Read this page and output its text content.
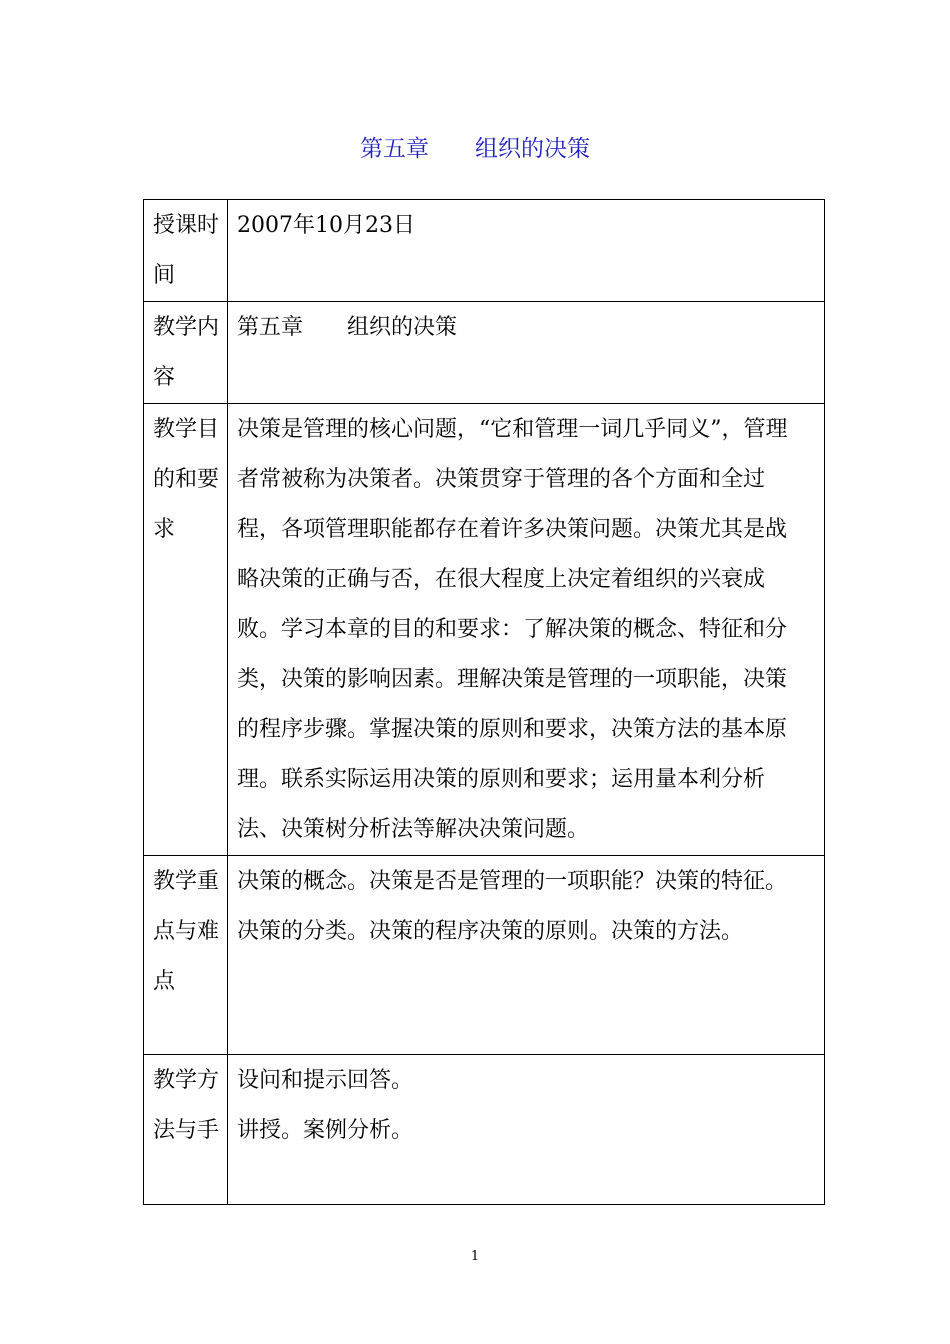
第五章　　组织的决策
授课时间	2007年10月23日

教学内容	第五章　　组织的决策

教学目的和要求	决策是管理的核心问题，“它和管理一词几乎同义”，管理者常被称为决策者。决策贯穿于管理的各个方面和全过程，各项管理职能都存在着许多决策问题。决策尤其是战略决策的正确与否，在很大程度上决定着组织的兴衰成败。学习本章的目的和要求：了解决策的概念、特征和分类，决策的影响因素。理解决策是管理的一项职能，决策的程序步骤。掌握决策的原则和要求，决策方法的基本原理。联系实际运用决策的原则和要求；运用量本利分析法、决策树分析法等解决决策问题。

教学重点与难点	决策的概念。决策是否是管理的一项职能？决策的特征。决策的分类。决策的程序决策的原则。决策的方法。

教学方法与手	设问和提示回答。
讲授。案例分析。
1
